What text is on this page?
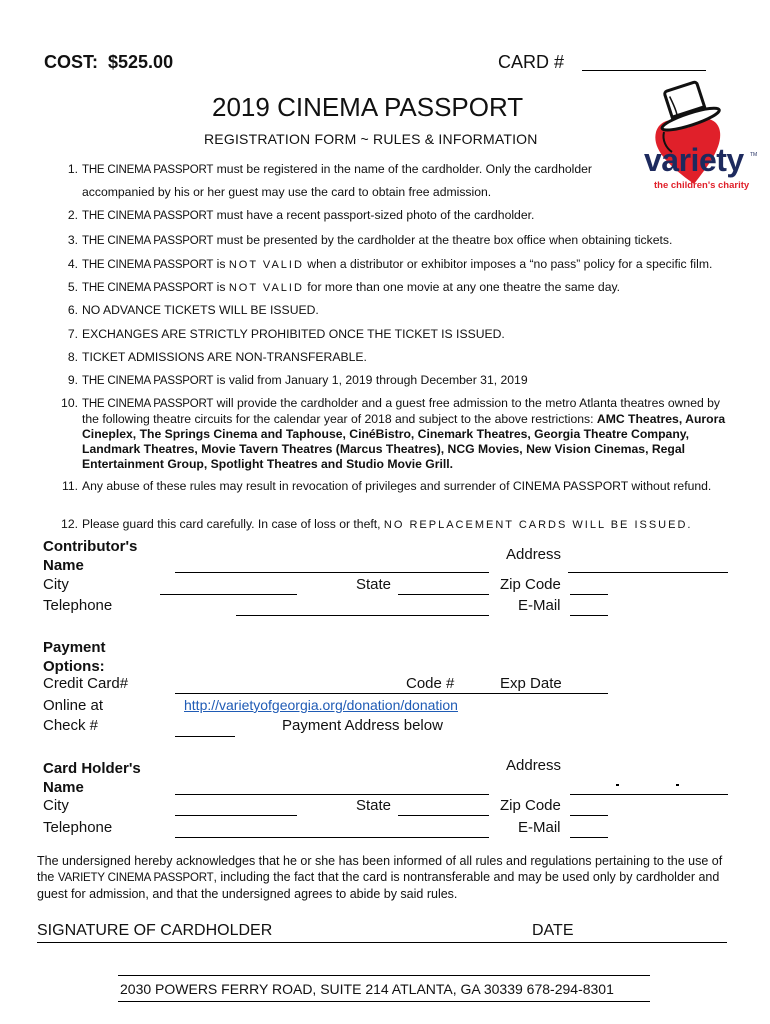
COST: $525.00	CARD #
2019 CINEMA PASSPORT
REGISTRATION FORM ~ RULES & INFORMATION
variety TM
the children's charity
1. THE CINEMA PASSPORT must be registered in the name of the cardholder. Only the cardholder
accompanied by his or her guest may use the card to obtain free admission.
2. THE CINEMA PASSPORT must have a recent passport-sized photo of the cardholder.
3. THE CINEMA PASSPORT must be presented by the cardholder at the theatre box office when obtaining tickets.
4. THE CINEMA PASSPORT is NOT VALID when a distributor or exhibitor imposes a “no pass” policy for a specific film.
5. THE CINEMA PASSPORT is NOT VALID for more than one movie at any one theatre the same day.
6. NO ADVANCE TICKETS WILL BE ISSUED.
7. EXCHANGES ARE STRICTLY PROHIBITED ONCE THE TICKET IS ISSUED.
8. TICKET ADMISSIONS ARE NON-TRANSFERABLE.
9. THE CINEMA PASSPORT is valid from January 1, 2019 through December 31, 2019
10. THE CINEMA PASSPORT will provide the cardholder and a guest free admission to the metro Atlanta theatres owned by the following theatre circuits for the calendar year of 2018 and subject to the above restrictions: AMC Theatres, Aurora Cineplex, The Springs Cinema and Taphouse, CinéBistro, Cinemark Theatres, Georgia Theatre Company, Landmark Theatres, Movie Tavern Theatres (Marcus Theatres), NCG Movies, New Vision Cinemas, Regal Entertainment Group, Spotlight Theatres and Studio Movie Grill.
11. Any abuse of these rules may result in revocation of privileges and surrender of CINEMA PASSPORT without refund.
12. Please guard this card carefully. In case of loss or theft, NO REPLACEMENT CARDS WILL BE ISSUED.
Contributor's Name
Address
City	State	Zip Code
Telephone	E-Mail
Payment Options:
Credit Card#	Code #	Exp Date
Online at	http://varietyofgeorgia.org/donation/donation
Check #	Payment Address below
Card Holder's Name
Address
City	State	Zip Code
Telephone	E-Mail
The undersigned hereby acknowledges that he or she has been informed of all rules and regulations pertaining to the use of the VARIETY CINEMA PASSPORT, including the fact that the card is nontransferable and may be used only by cardholder and guest for admission, and that the undersigned agrees to abide by said rules.
SIGNATURE OF CARDHOLDER	DATE
2030 POWERS FERRY ROAD, SUITE 214 ATLANTA, GA 30339 678-294-8301
